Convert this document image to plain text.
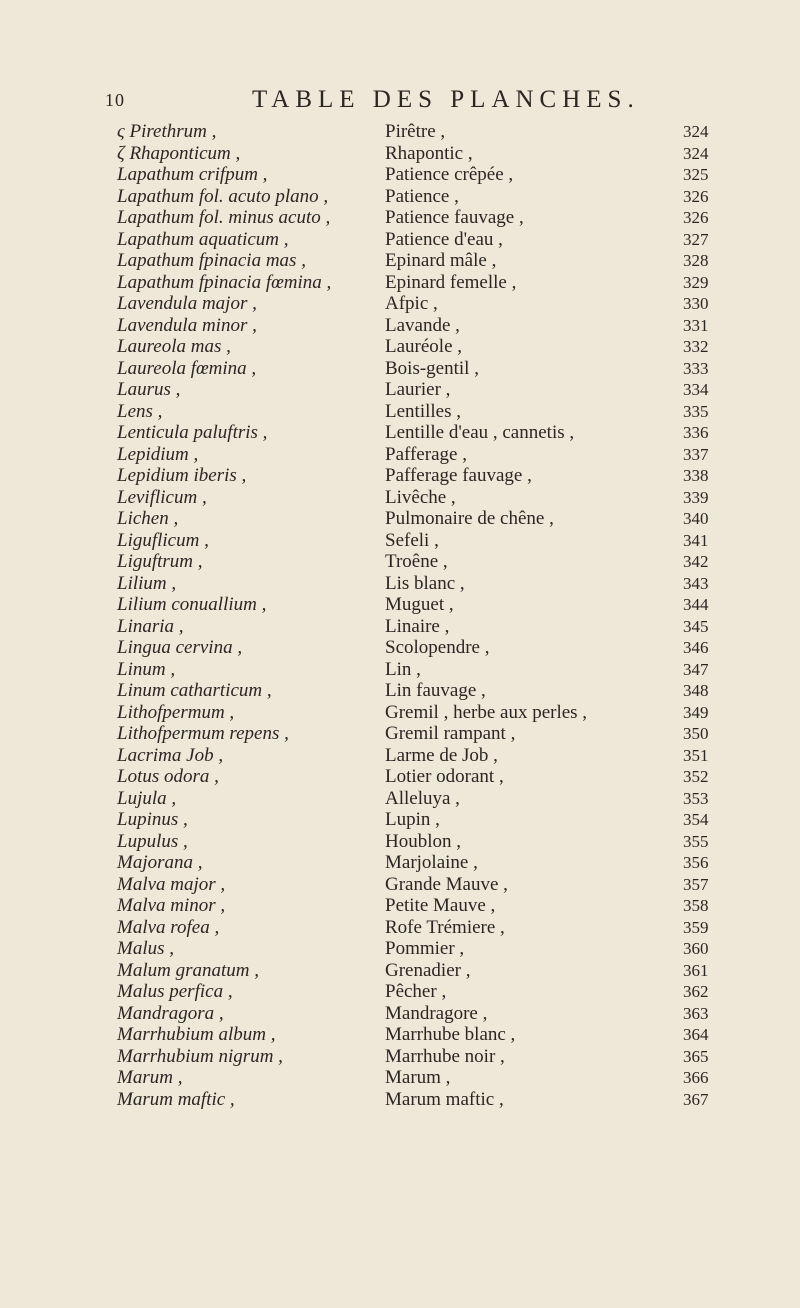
10	TABLE DES PLANCHES.
ς Pirethrum ,	Pirêtre ,	324
ζ Rhaponticum ,	Rhapontic ,	324
Lapathum crifpum ,	Patience crêpée ,	325
Lapathum fol. acuto plano ,	Patience ,	326
Lapathum fol. minus acuto ,	Patience fauvage ,	326
Lapathum aquaticum ,	Patience d'eau ,	327
Lapathum fpinacia mas ,	Epinard mâle ,	328
Lapathum fpinacia fœmina ,	Epinard femelle ,	329
Lavendula major ,	Afpic ,	330
Lavendula minor ,	Lavande ,	331
Laureola mas ,	Lauréole ,	332
Laureola fœmina ,	Bois-gentil ,	333
Laurus ,	Laurier ,	334
Lens ,	Lentilles ,	335
Lenticula paluftris ,	Lentille d'eau , cannetis ,	336
Lepidium ,	Pafferage ,	337
Lepidium iberis ,	Pafferage fauvage ,	338
Leviflicum ,	Livêche ,	339
Lichen ,	Pulmonaire de chêne ,	340
Liguflicum ,	Sefeli ,	341
Liguftrum ,	Troêne ,	342
Lilium ,	Lis blanc ,	343
Lilium conuallium ,	Muguet ,	344
Linaria ,	Linaire ,	345
Lingua cervina ,	Scolopendre ,	346
Linum ,	Lin ,	347
Linum catharticum ,	Lin fauvage ,	348
Lithofpermum ,	Gremil , herbe aux perles ,	349
Lithofpermum repens ,	Gremil rampant ,	350
Lacrima Job ,	Larme de Job ,	351
Lotus odora ,	Lotier odorant ,	352
Lujula ,	Alleluya ,	353
Lupinus ,	Lupin ,	354
Lupulus ,	Houblon ,	355
Majorana ,	Marjolaine ,	356
Malva major ,	Grande Mauve ,	357
Malva minor ,	Petite Mauve ,	358
Malva rofea ,	Rofe Trémiere ,	359
Malus ,	Pommier ,	360
Malum granatum ,	Grenadier ,	361
Malus perfica ,	Pêcher ,	362
Mandragora ,	Mandragore ,	363
Marrhubium album ,	Marrhube blanc ,	364
Marrhubium nigrum ,	Marrhube noir ,	365
Marum ,	Marum ,	366
Marum maftic ,	Marum maftic ,	367
